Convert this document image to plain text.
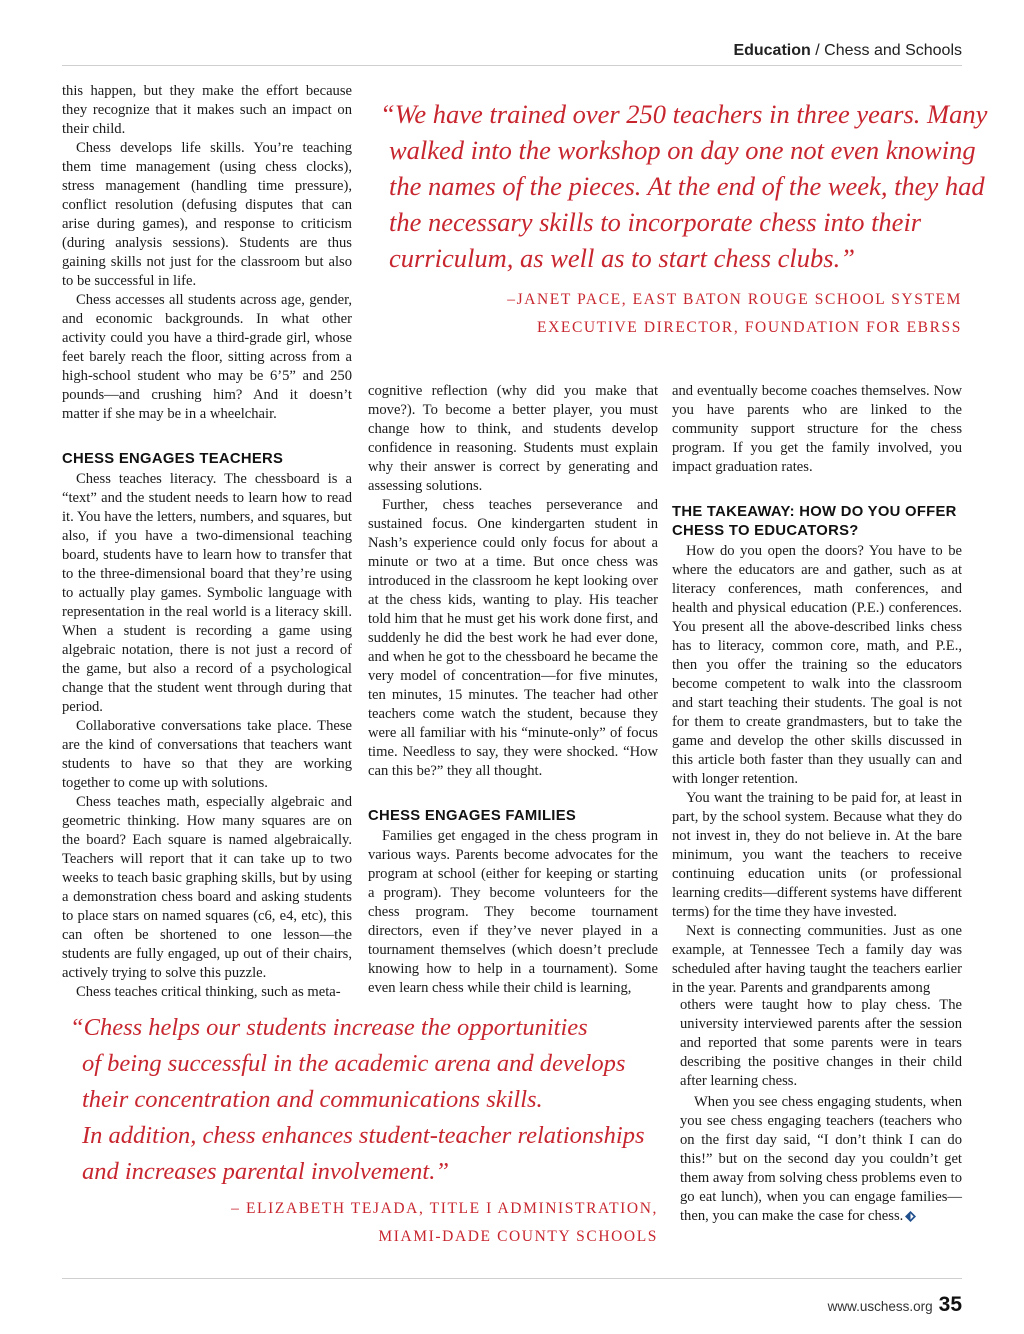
Education / Chess and Schools
“We have trained over 250 teachers in three years. Many
walked into the workshop on day one not even knowing
the names of the pieces. At the end of the week, they had
the necessary skills to incorporate chess into their
curriculum, as well as to start chess clubs.”
–JANET PACE, EAST BATON ROUGE SCHOOL SYSTEM
EXECUTIVE DIRECTOR, FOUNDATION FOR EBRSS

this happen, but they make the effort because they recognize that it makes such an impact on their child.

Chess develops life skills. You’re teaching them time management (using chess clocks), stress management (handling time pressure), conflict resolution (defusing disputes that can arise during games), and response to criticism (during analysis sessions). Students are thus gaining skills not just for the classroom but also to be successful in life.

Chess accesses all students across age, gender, and economic backgrounds. In what other activity could you have a third-grade girl, whose feet barely reach the floor, sitting across from a high-school student who may be 6’5” and 250 pounds—and crushing him? And it doesn’t matter if she may be in a wheelchair.

CHESS ENGAGES TEACHERS

Chess teaches literacy. The chessboard is a “text” and the student needs to learn how to read it. You have the letters, numbers, and squares, but also, if you have a two-dimensional teaching board, students have to learn how to transfer that to the three-dimensional board that they’re using to actually play games. Symbolic language with representation in the real world is a literacy skill. When a student is recording a game using algebraic notation, there is not just a record of the game, but also a record of a psychological change that the student went through during that period.

Collaborative conversations take place. These are the kind of conversations that teachers want students to have so that they are working together to come up with solutions.

Chess teaches math, especially algebraic and geometric thinking. How many squares are on the board? Each square is named algebraically. Teachers will report that it can take up to two weeks to teach basic graphing skills, but by using a demonstration chess board and asking students to place stars on named squares (c6, e4, etc), this can often be shortened to one lesson—the students are fully engaged, up out of their chairs, actively trying to solve this puzzle.

Chess teaches critical thinking, such as meta-

cognitive reflection (why did you make that move?). To become a better player, you must change how to think, and students develop confidence in reasoning. Students must explain why their answer is correct by generating and assessing solutions.

Further, chess teaches perseverance and sustained focus. One kindergarten student in Nash’s experience could only focus for about a minute or two at a time. But once chess was introduced in the classroom he kept looking over at the chess kids, wanting to play. His teacher told him that he must get his work done first, and suddenly he did the best work he had ever done, and when he got to the chessboard he became the very model of concentration—for five minutes, ten minutes, 15 minutes. The teacher had other teachers come watch the student, because they were all familiar with his “minute-only” of focus time. Needless to say, they were shocked. “How can this be?” they all thought.

CHESS ENGAGES FAMILIES

Families get engaged in the chess program in various ways. Parents become advocates for the program at school (either for keeping or starting a program). They become volunteers for the chess program. They become tournament directors, even if they’ve never played in a tournament themselves (which doesn’t preclude knowing how to help in a tournament). Some even learn chess while their child is learning,

and eventually become coaches themselves. Now you have parents who are linked to the community support structure for the chess program. If you get the family involved, you impact graduation rates.

THE TAKEAWAY: HOW DO YOU OFFER CHESS TO EDUCATORS?

How do you open the doors? You have to be where the educators are and gather, such as at literacy conferences, math conferences, and health and physical education (P.E.) conferences. You present all the above-described links chess has to literacy, common core, math, and P.E., then you offer the training so the educators become competent to walk into the classroom and start teaching their students. The goal is not for them to create grandmasters, but to take the game and develop the other skills discussed in this article both faster than they usually can and with longer retention.

You want the training to be paid for, at least in part, by the school system. Because what they do not invest in, they do not believe in. At the bare minimum, you want the teachers to receive continuing education units (or professional learning credits—different systems have different terms) for the time they have invested.

Next is connecting communities. Just as one example, at Tennessee Tech a family day was scheduled after having taught the teachers earlier in the year. Parents and grandparents among

others were taught how to play chess. The university interviewed parents after the session and reported that some parents were in tears describing the positive changes in their child after learning chess.

When you see chess engaging students, when you see chess engaging teachers (teachers who on the first day said, “I don’t think I can do this!” but on the second day you couldn’t get them away from solving chess problems even to go eat lunch), when you can engage families—then, you can make the case for chess.

“Chess helps our students increase the opportunities
of being successful in the academic arena and develops
their concentration and communications skills.
In addition, chess enhances student-teacher relationships
and increases parental involvement.”
– ELIZABETH TEJADA, TITLE I ADMINISTRATION,
MIAMI-DADE COUNTY SCHOOLS
www.uschess.org 35
